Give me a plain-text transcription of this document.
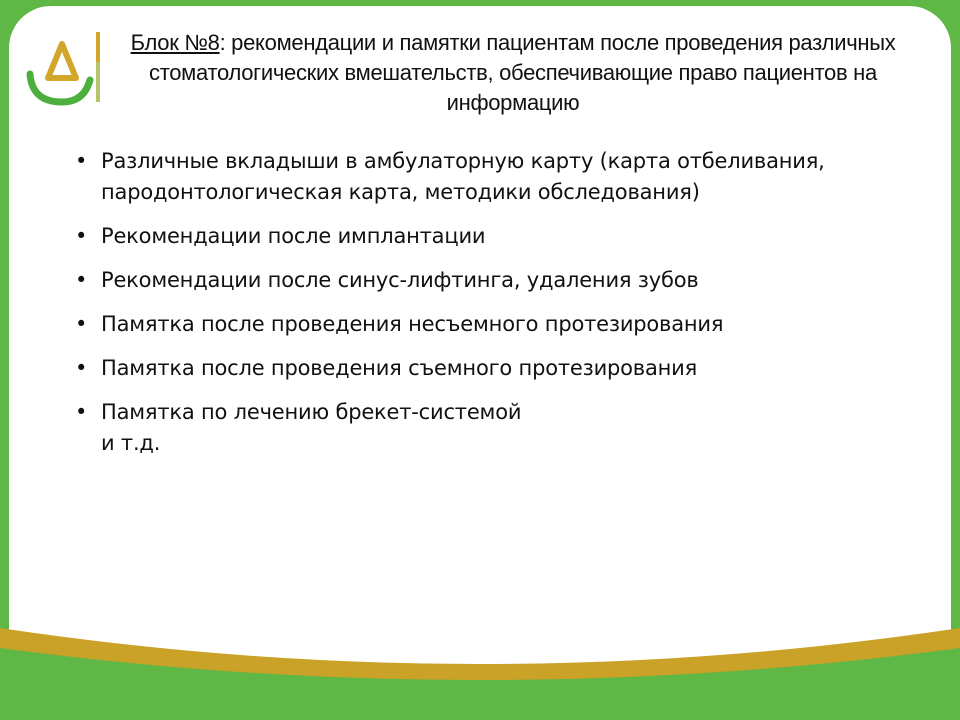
Блок №8: рекомендации и памятки пациентам после проведения различных стоматологических вмешательств, обеспечивающие право пациентов на информацию
• Различные вкладыши в амбулаторную карту (карта отбеливания, пародонтологическая карта, методики обследования)
• Рекомендации после имплантации
• Рекомендации после синус-лифтинга, удаления зубов
• Памятка после проведения несъемного протезирования
• Памятка после проведения съемного протезирования
• Памятка по лечению брекет-системой
и т.д.
